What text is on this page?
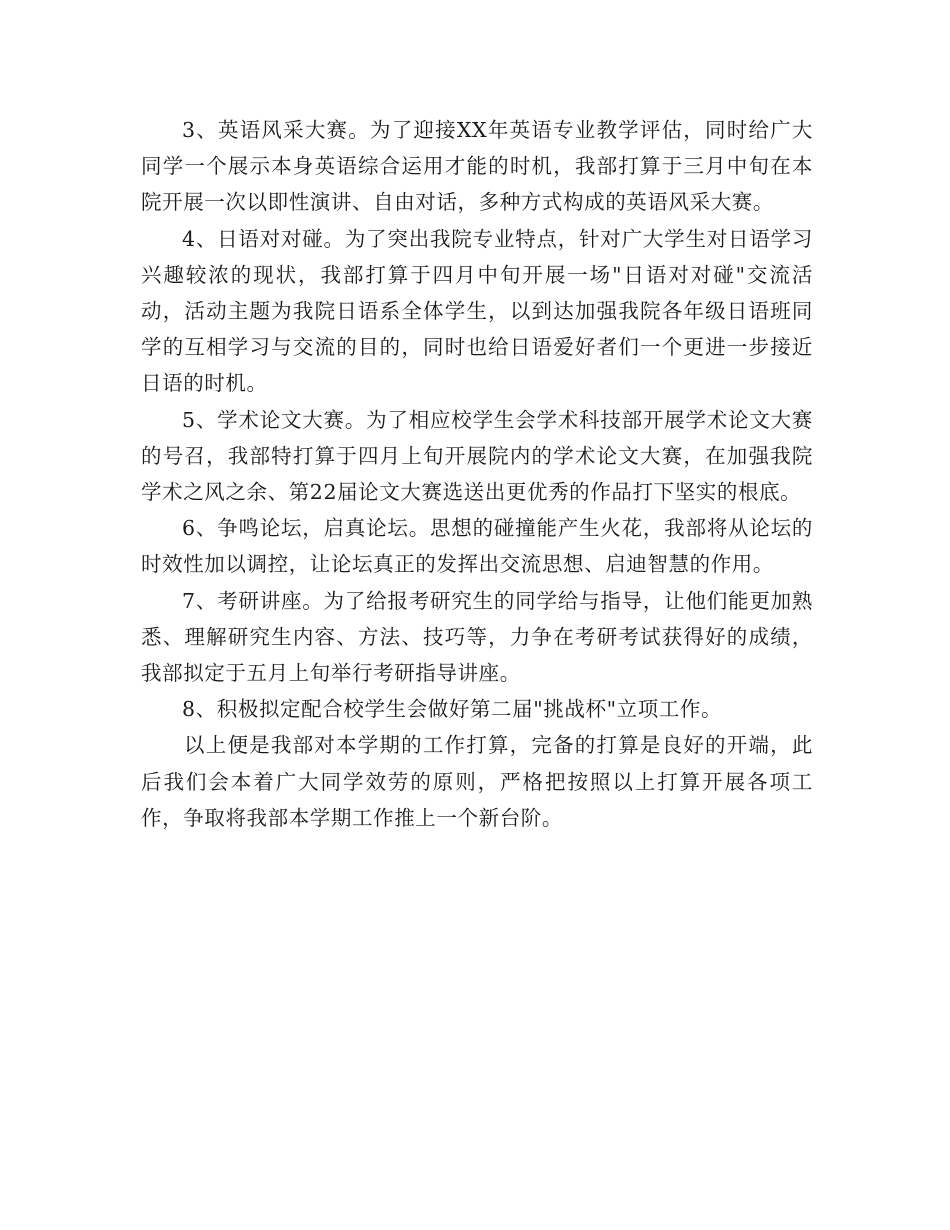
3、英语风采大赛。为了迎接XX年英语专业教学评估，同时给广大同学一个展示本身英语综合运用才能的时机，我部打算于三月中旬在本院开展一次以即性演讲、自由对话，多种方式构成的英语风采大赛。

4、日语对对碰。为了突出我院专业特点，针对广大学生对日语学习兴趣较浓的现状，我部打算于四月中旬开展一场"日语对对碰"交流活动，活动主题为我院日语系全体学生，以到达加强我院各年级日语班同学的互相学习与交流的目的，同时也给日语爱好者们一个更进一步接近日语的时机。

5、学术论文大赛。为了相应校学生会学术科技部开展学术论文大赛的号召，我部特打算于四月上旬开展院内的学术论文大赛，在加强我院学术之风之余、第22届论文大赛选送出更优秀的作品打下坚实的根底。

6、争鸣论坛，启真论坛。思想的碰撞能产生火花，我部将从论坛的时效性加以调控，让论坛真正的发挥出交流思想、启迪智慧的作用。

7、考研讲座。为了给报考研究生的同学给与指导，让他们能更加熟悉、理解研究生内容、方法、技巧等，力争在考研考试获得好的成绩，我部拟定于五月上旬举行考研指导讲座。

8、积极拟定配合校学生会做好第二届"挑战杯"立项工作。

以上便是我部对本学期的工作打算，完备的打算是良好的开端，此后我们会本着广大同学效劳的原则，严格把按照以上打算开展各项工作，争取将我部本学期工作推上一个新台阶。
